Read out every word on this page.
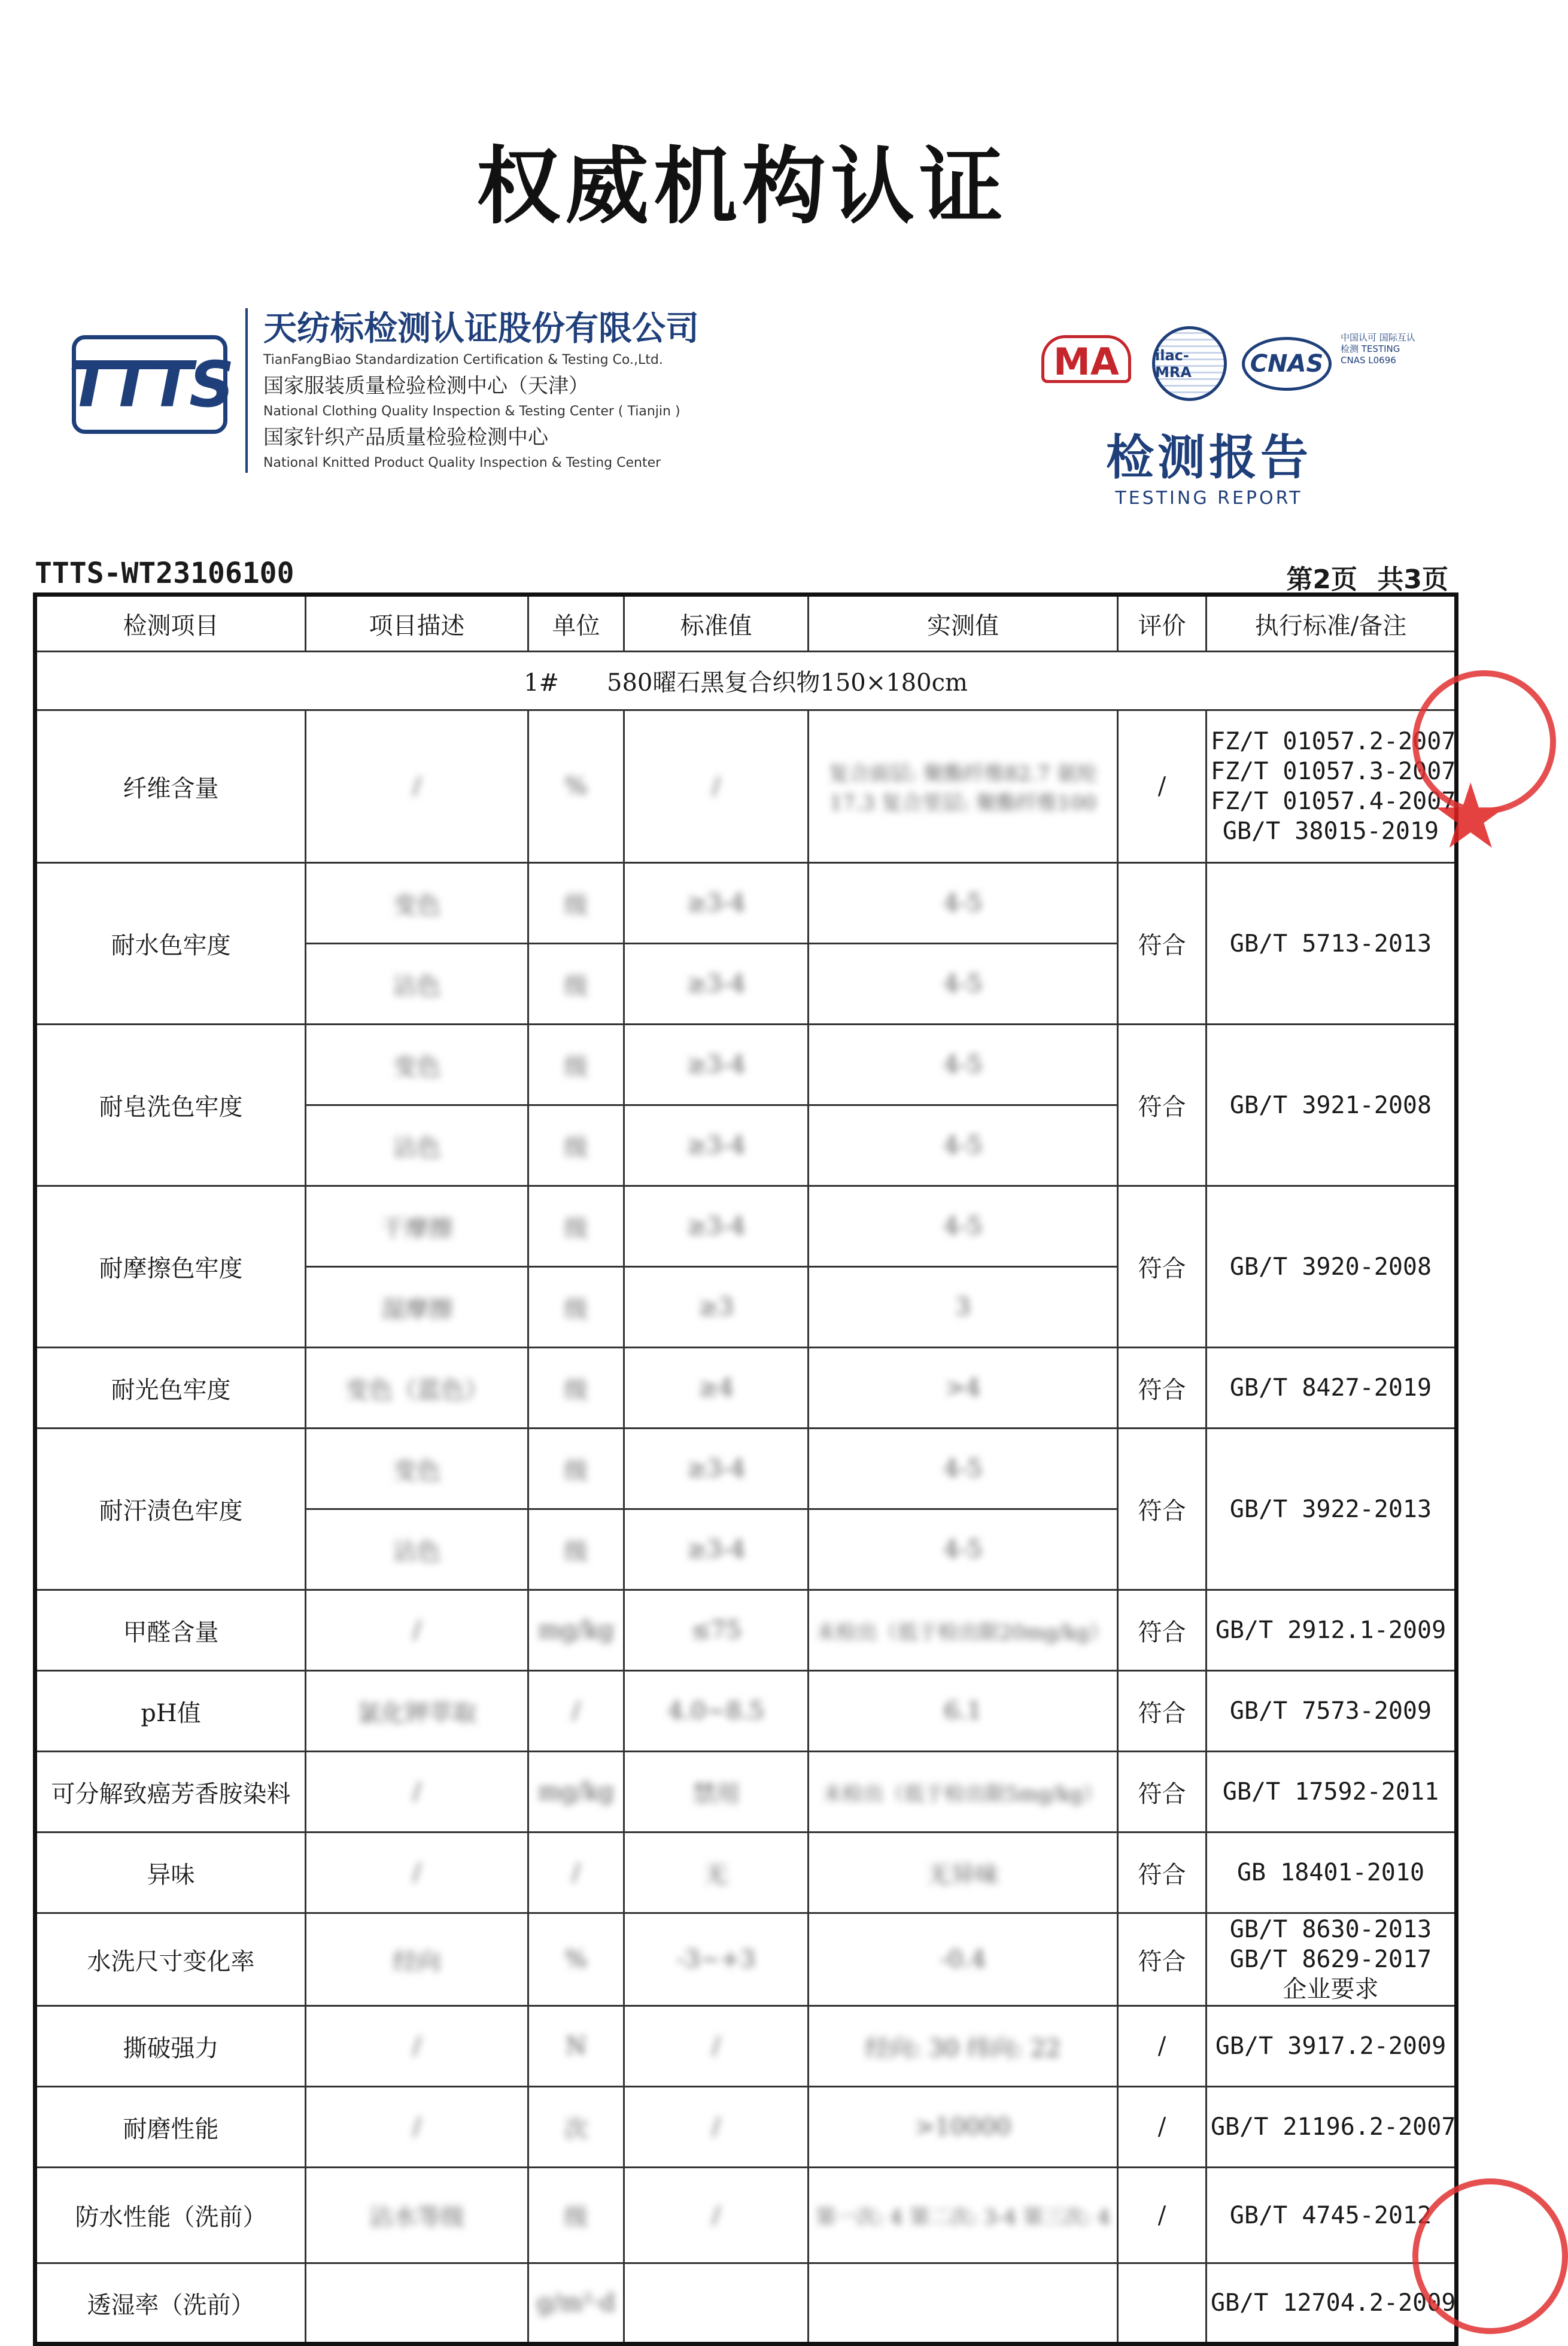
权威机构认证
TTTS
天纺标检测认证股份有限公司
TianFangBiao Standardization Certification & Testing Co.,Ltd.
国家服装质量检验检测中心（天津）
National Clothing Quality Inspection & Testing Center ( Tianjin )
国家针织产品质量检验检测中心
National Knitted Product Quality Inspection & Testing Center
MA	ilac-MRA	CNAS
中国认可 国际互认 检测 TESTING CNAS L0696
检测报告
TESTING REPORT
TTTS-WT23106100	第2页 共3页
检测项目	项目描述	单位	标准值	实测值	评价	执行标准/备注
1#　　580曜石黑复合织物150×180cm						
纤维含量	/	%	/	复合面层: 聚酯纤维82.7 氨纶17.3 复合里层: 聚酯纤维100	/	FZ/T 01057.2-2007
FZ/T 01057.3-2007
FZ/T 01057.4-2007
GB/T 38015-2019
耐水色牢度	变色	级	≥3-4	4-5	符合	GB/T 5713-2013
	沾色	级	≥3-4	4-5		
耐皂洗色牢度	变色	级	≥3-4	4-5	符合	GB/T 3921-2008
	沾色	级	≥3-4	4-5		
耐摩擦色牢度	干摩擦	级	≥3-4	4-5	符合	GB/T 3920-2008
	湿摩擦	级	≥3	3		
耐光色牢度	变色（蓝色）	级	≥4	>4	符合	GB/T 8427-2019
耐汗渍色牢度	变色	级	≥3-4	4-5	符合	GB/T 3922-2013
	沾色	级	≥3-4	4-5		
甲醛含量	/	mg/kg	≤75	未检出（低于检出限20mg/kg）	符合	GB/T 2912.1-2009
pH值	氯化钾萃取	/	4.0~8.5	6.1	符合	GB/T 7573-2009
可分解致癌芳香胺染料	/	mg/kg	禁用	未检出（低于检出限5mg/kg）	符合	GB/T 17592-2011
异味	/	/	无	无异味	符合	GB 18401-2010
水洗尺寸变化率	经向	%	-3~+3	-0.4	符合	GB/T 8630-2013
GB/T 8629-2017
企业要求
撕破强力	/	N	/	经向: 30 纬向: 22	/	GB/T 3917.2-2009
耐磨性能	/	次	/	>10000	/	GB/T 21196.2-2007
防水性能（洗前）	沾水等级	级	/	第一次: 4 第二次: 3-4 第三次: 4	/	GB/T 4745-2012
透湿率（洗前）		g/m²·d				GB/T 12704.2-2009
★
